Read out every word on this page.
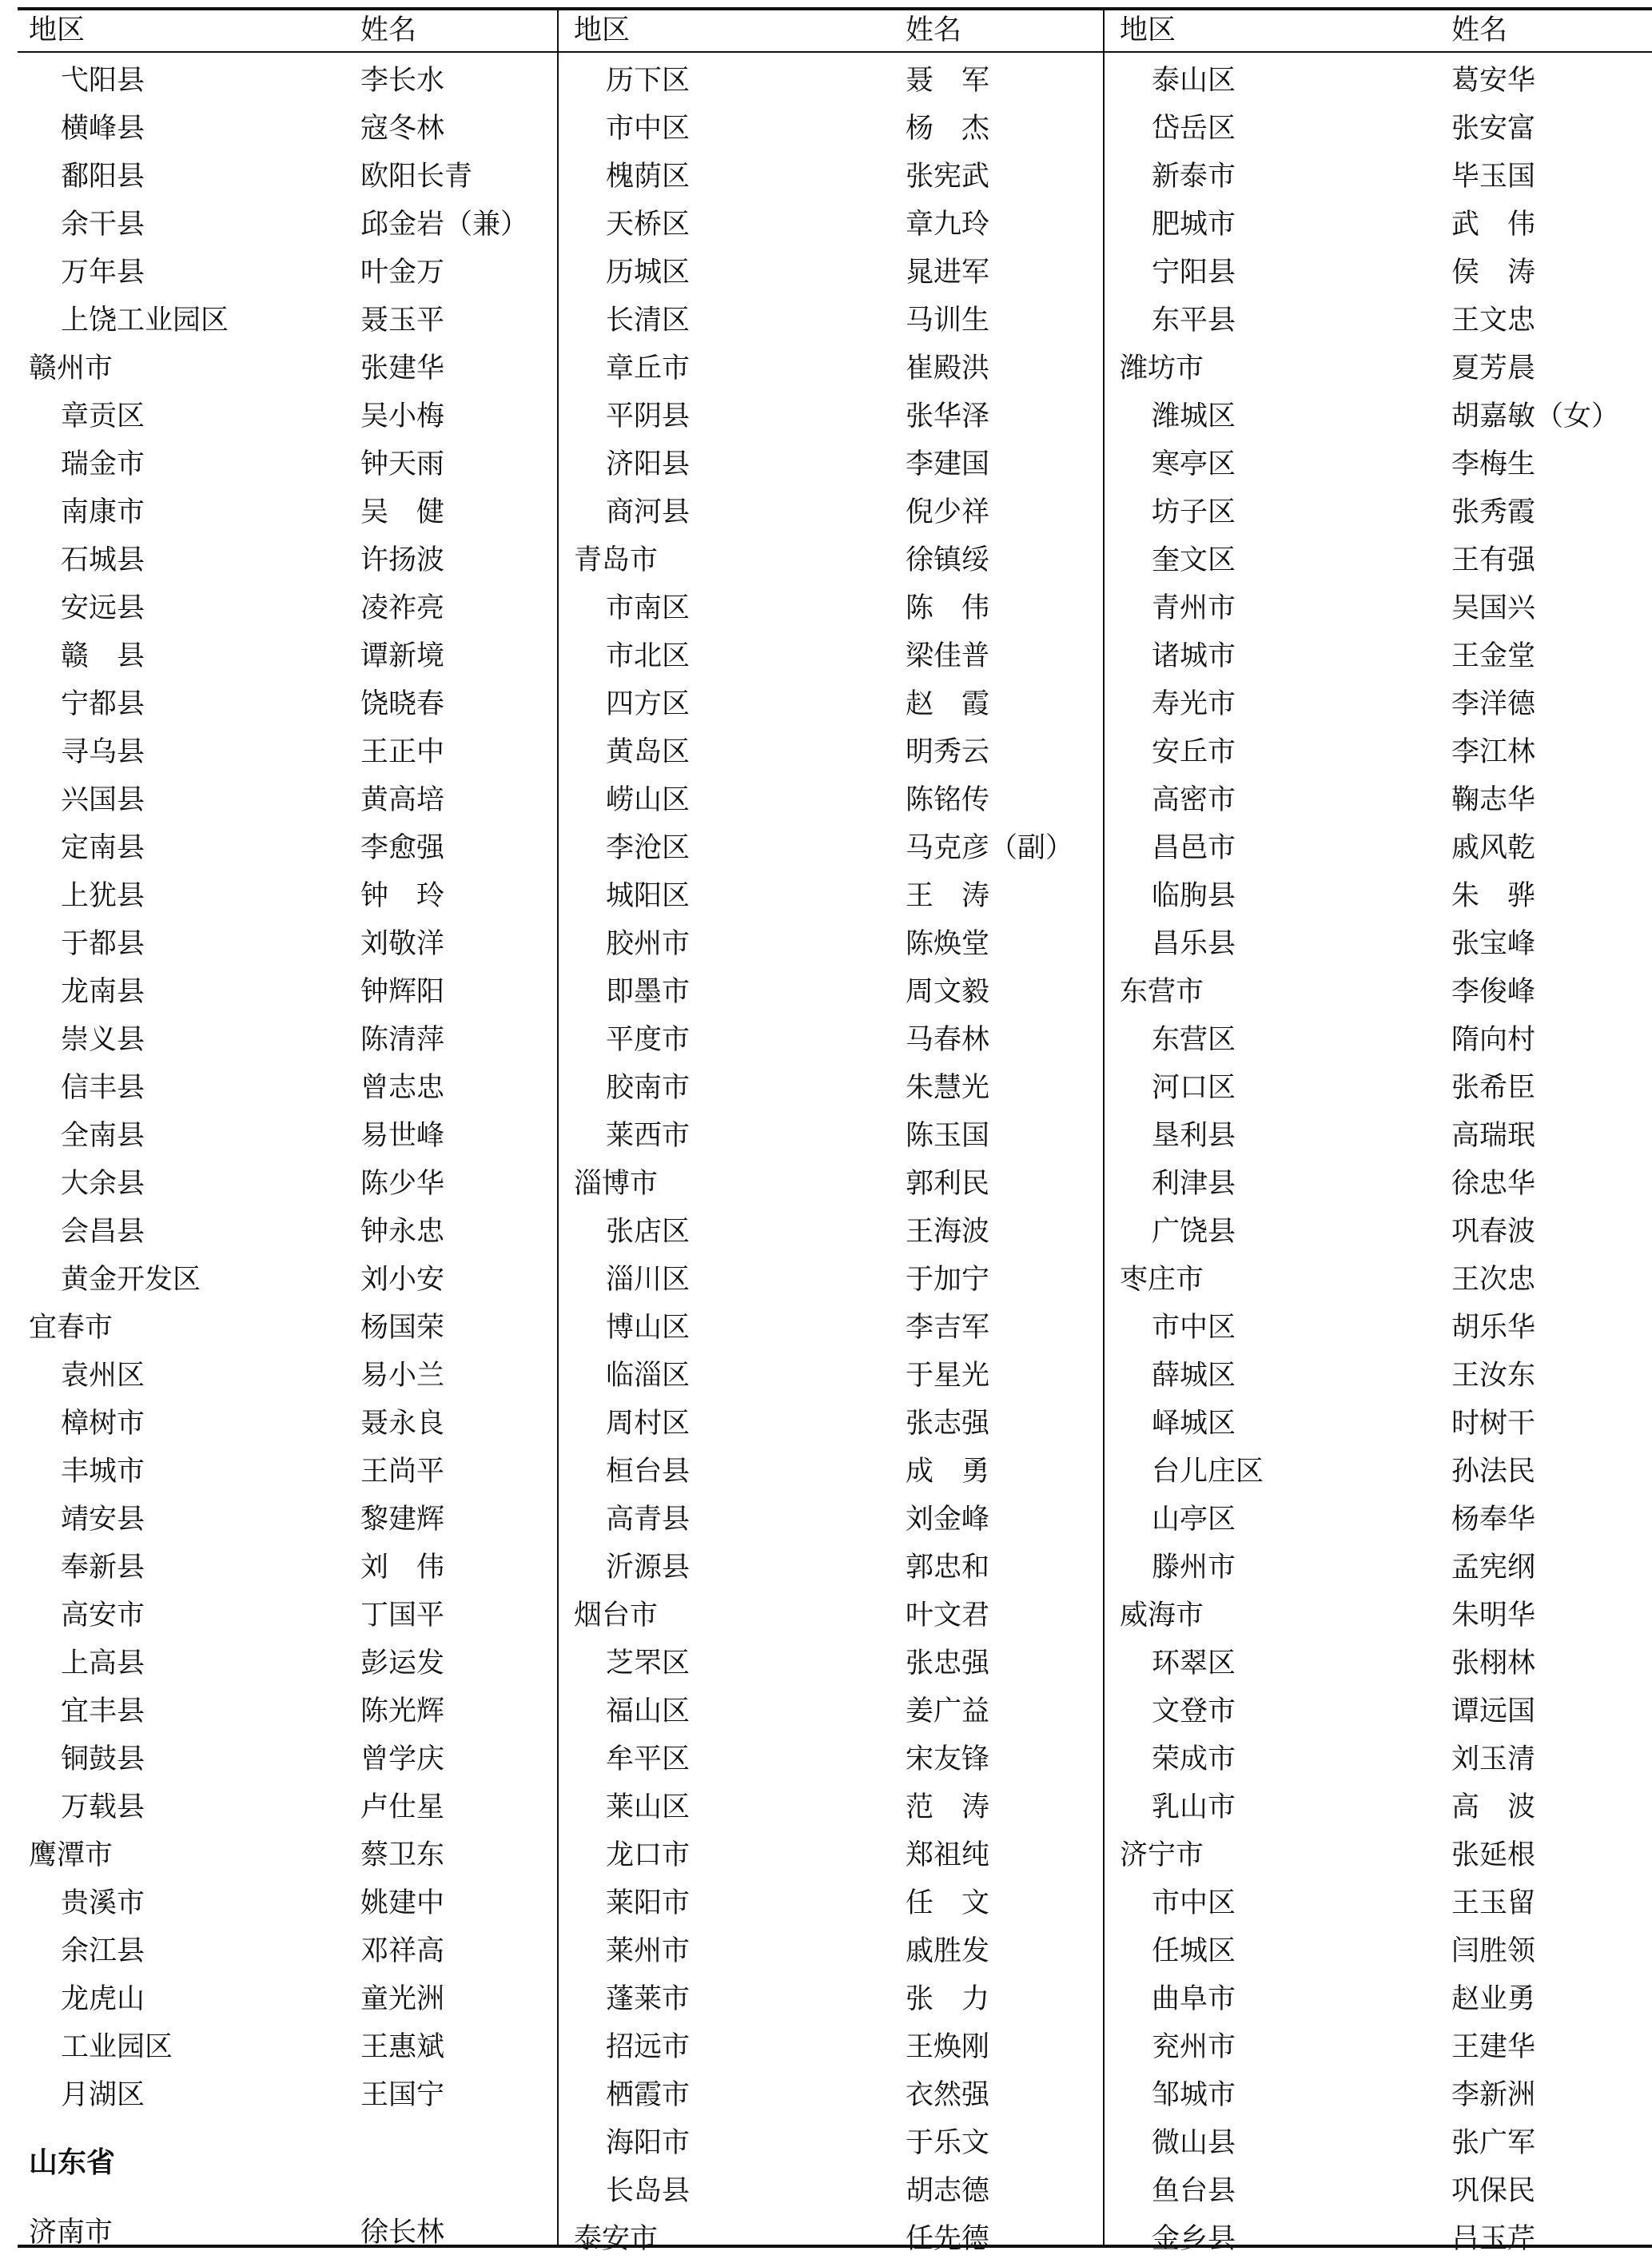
地区	姓名
弋阳县	李长水
横峰县	寇冬林
鄱阳县	欧阳长青
余干县	邱金岩（兼）
万年县	叶金万
上饶工业园区	聂玉平
赣州市	张建华
章贡区	吴小梅
瑞金市	钟天雨
南康市	吴　健
石城县	许扬波
安远县	凌祚亮
赣　县	谭新境
宁都县	饶晓春
寻乌县	王正中
兴国县	黄高培
定南县	李愈强
上犹县	钟　玲
于都县	刘敬洋
龙南县	钟辉阳
崇义县	陈清萍
信丰县	曾志忠
全南县	易世峰
大余县	陈少华
会昌县	钟永忠
黄金开发区	刘小安
宜春市	杨国荣
袁州区	易小兰
樟树市	聂永良
丰城市	王尚平
靖安县	黎建辉
奉新县	刘　伟
高安市	丁国平
上高县	彭运发
宜丰县	陈光辉
铜鼓县	曾学庆
万载县	卢仕星
鹰潭市	蔡卫东
贵溪市	姚建中
余江县	邓祥高
龙虎山	童光洲
工业园区	王惠斌
月湖区	王国宁
山东省
济南市	徐长林
地区	姓名
历下区	聂　军
市中区	杨　杰
槐荫区	张宪武
天桥区	章九玲
历城区	晁进军
长清区	马训生
章丘市	崔殿洪
平阴县	张华泽
济阳县	李建国
商河县	倪少祥
青岛市	徐镇绥
市南区	陈　伟
市北区	梁佳普
四方区	赵　霞
黄岛区	明秀云
崂山区	陈铭传
李沧区	马克彦（副）
城阳区	王　涛
胶州市	陈焕堂
即墨市	周文毅
平度市	马春林
胶南市	朱慧光
莱西市	陈玉国
淄博市	郭利民
张店区	王海波
淄川区	于加宁
博山区	李吉军
临淄区	于星光
周村区	张志强
桓台县	成　勇
高青县	刘金峰
沂源县	郭忠和
烟台市	叶文君
芝罘区	张忠强
福山区	姜广益
牟平区	宋友锋
莱山区	范　涛
龙口市	郑祖纯
莱阳市	任　文
莱州市	戚胜发
蓬莱市	张　力
招远市	王焕刚
栖霞市	衣然强
海阳市	于乐文
长岛县	胡志德
泰安市	任先德
地区	姓名
泰山区	葛安华
岱岳区	张安富
新泰市	毕玉国
肥城市	武　伟
宁阳县	侯　涛
东平县	王文忠
潍坊市	夏芳晨
潍城区	胡嘉敏（女）
寒亭区	李梅生
坊子区	张秀霞
奎文区	王有强
青州市	吴国兴
诸城市	王金堂
寿光市	李洋德
安丘市	李江林
高密市	鞠志华
昌邑市	戚风乾
临朐县	朱　骅
昌乐县	张宝峰
东营市	李俊峰
东营区	隋向村
河口区	张希臣
垦利县	高瑞珉
利津县	徐忠华
广饶县	巩春波
枣庄市	王次忠
市中区	胡乐华
薛城区	王汝东
峄城区	时树干
台儿庄区	孙法民
山亭区	杨奉华
滕州市	孟宪纲
威海市	朱明华
环翠区	张栩林
文登市	谭远国
荣成市	刘玉清
乳山市	高　波
济宁市	张延根
市中区	王玉留
任城区	闫胜领
曲阜市	赵业勇
兖州市	王建华
邹城市	李新洲
微山县	张广军
鱼台县	巩保民
金乡县	吕玉芹
